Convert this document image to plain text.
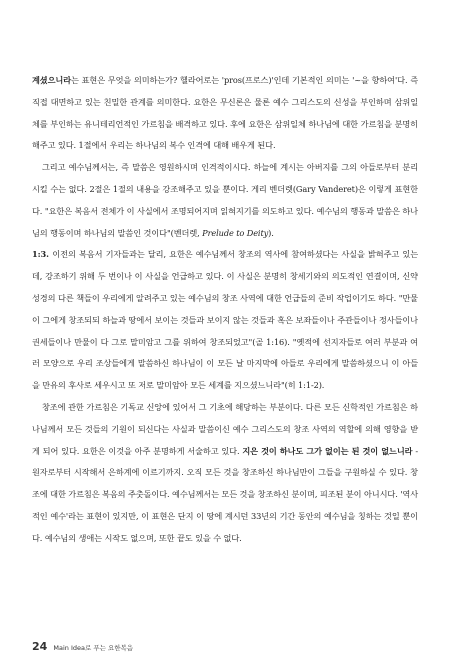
계셨으니라는 표현은 무엇을 의미하는가? 헬라어로는 'pros(프로스)'인데 기본적인 의미는 '~을 향하여'다. 즉 직접 대면하고 있는 친밀한 관계를 의미한다. 요한은 무신론은 물론 예수 그리스도의 신성을 부인하며 삼위일체를 부인하는 유니테리언적인 가르침을 배격하고 있다. 후에 요한은 삼위일체 하나님에 대한 가르침을 분명히 해주고 있다. 1절에서 우리는 하나님의 복수 인격에 대해 배우게 된다.

그리고 예수님께서는, 즉 말씀은 영원하시며 인격적이시다. 하늘에 계시는 아버지를 그의 아들로부터 분리시킬 수는 없다. 2절은 1절의 내용을 강조해주고 있을 뿐이다. 게리 벤더렛(Gary Vanderet)은 이렇게 표현한다. "요한은 복음서 전체가 이 사실에서 조명되어지며 읽혀지기를 의도하고 있다. 예수님의 행동과 말씀은 하나님의 행동이며 하나님의 말씀인 것이다"(벤더렛, Prelude to Deity).

1:3. 이전의 복음서 기자들과는 달리, 요한은 예수님께서 창조의 역사에 참여하셨다는 사실을 밝혀주고 있는데, 강조하기 위해 두 번이나 이 사실을 언급하고 있다. 이 사실은 분명히 창세기와의 의도적인 연결이며, 신약 성경의 다른 책들이 우리에게 알려주고 있는 예수님의 창조 사역에 대한 언급들의 준비 작업이기도 하다. "만물이 그에게 창조되되 하늘과 땅에서 보이는 것들과 보이지 않는 것들과 혹은 보좌들이나 주관들이나 정사들이나 권세들이나 만물이 다 그로 말미암고 그를 위하여 창조되었고"(골 1:16). "옛적에 선지자들로 여러 부분과 여러 모양으로 우리 조상들에게 말씀하신 하나님이 이 모든 날 마지막에 아들로 우리에게 말씀하셨으니 이 아들을 만유의 후사로 세우시고 또 저로 말미암아 모든 세계를 지으셨느니라"(히 1:1-2).

창조에 관한 가르침은 기독교 신앙에 있어서 그 기초에 해당하는 부분이다. 다른 모든 신학적인 가르침은 하나님께서 모든 것들의 기원이 되신다는 사실과 말씀이신 예수 그리스도의 창조 사역의 역할에 의해 영향을 받게 되어 있다. 요한은 이것을 아주 분명하게 서술하고 있다. 지은 것이 하나도 그가 없이는 된 것이 없느니라 - 원자로부터 시작해서 은하계에 이르기까지. 오직 모든 것을 창조하신 하나님만이 그들을 구원하실 수 있다. 창조에 대한 가르침은 복음의 주춧돌이다. 예수님께서는 모든 것을 창조하신 분이며, 피조된 분이 아니시다. '역사적인 예수'라는 표현이 있지만, 이 표현은 단지 이 땅에 계시던 33년의 기간 동안의 예수님을 칭하는 것일 뿐이다. 예수님의 생애는 시작도 없으며, 또한 끝도 있을 수 없다.

24 Main Idea로 푸는 요한복음
